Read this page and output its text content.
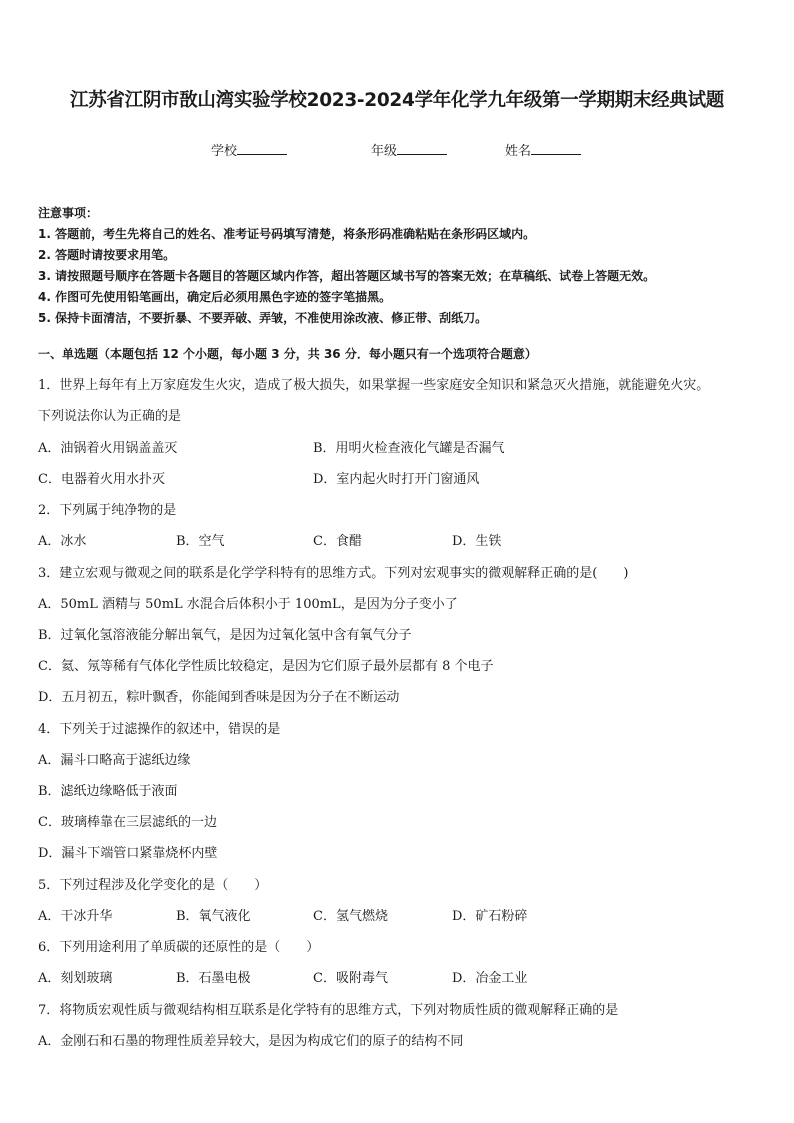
江苏省江阴市敔山湾实验学校2023-2024学年化学九年级第一学期期末经典试题
学校	年级	姓名
注意事项：
1. 答题前，考生先将自己的姓名、准考证号码填写清楚，将条形码准确粘贴在条形码区域内。
2. 答题时请按要求用笔。
3. 请按照题号顺序在答题卡各题目的答题区域内作答，超出答题区域书写的答案无效；在草稿纸、试卷上答题无效。
4. 作图可先使用铅笔画出，确定后必须用黑色字迹的签字笔描黑。
5. 保持卡面清洁，不要折暴、不要弄破、弄皱，不准使用涂改液、修正带、刮纸刀。
一、单选题（本题包括 12 个小题，每小题 3 分，共 36 分．每小题只有一个选项符合题意）
1．世界上每年有上万家庭发生火灾，造成了极大损失，如果掌握一些家庭安全知识和紧急灭火措施，就能避免火灾。
下列说法你认为正确的是
A．油锅着火用锅盖盖灭	B．用明火检查液化气罐是否漏气
C．电器着火用水扑灭	D．室内起火时打开门窗通风
2．下列属于纯净物的是
A．冰水	B．空气	C．食醋	D．生铁
3．建立宏观与微观之间的联系是化学学科特有的思维方式。下列对宏观事实的微观解释正确的是(　　)
A．50mL 酒精与 50mL 水混合后体积小于 100mL，是因为分子变小了
B．过氧化氢溶液能分解出氧气，是因为过氧化氢中含有氧气分子
C．氦、氖等稀有气体化学性质比较稳定，是因为它们原子最外层都有 8 个电子
D．五月初五，粽叶飘香，你能闻到香味是因为分子在不断运动
4．下列关于过滤操作的叙述中，错误的是
A．漏斗口略高于滤纸边缘
B．滤纸边缘略低于液面
C．玻璃棒靠在三层滤纸的一边
D．漏斗下端管口紧靠烧杯内壁
5．下列过程涉及化学变化的是（　　）
A．干冰升华	B．氧气液化	C．氢气燃烧	D．矿石粉碎
6．下列用途利用了单质碳的还原性的是（　　）
A．刻划玻璃	B．石墨电极	C．吸附毒气	D．冶金工业
7．将物质宏观性质与微观结构相互联系是化学特有的思维方式，下列对物质性质的微观解释正确的是
A．金刚石和石墨的物理性质差异较大，是因为构成它们的原子的结构不同
